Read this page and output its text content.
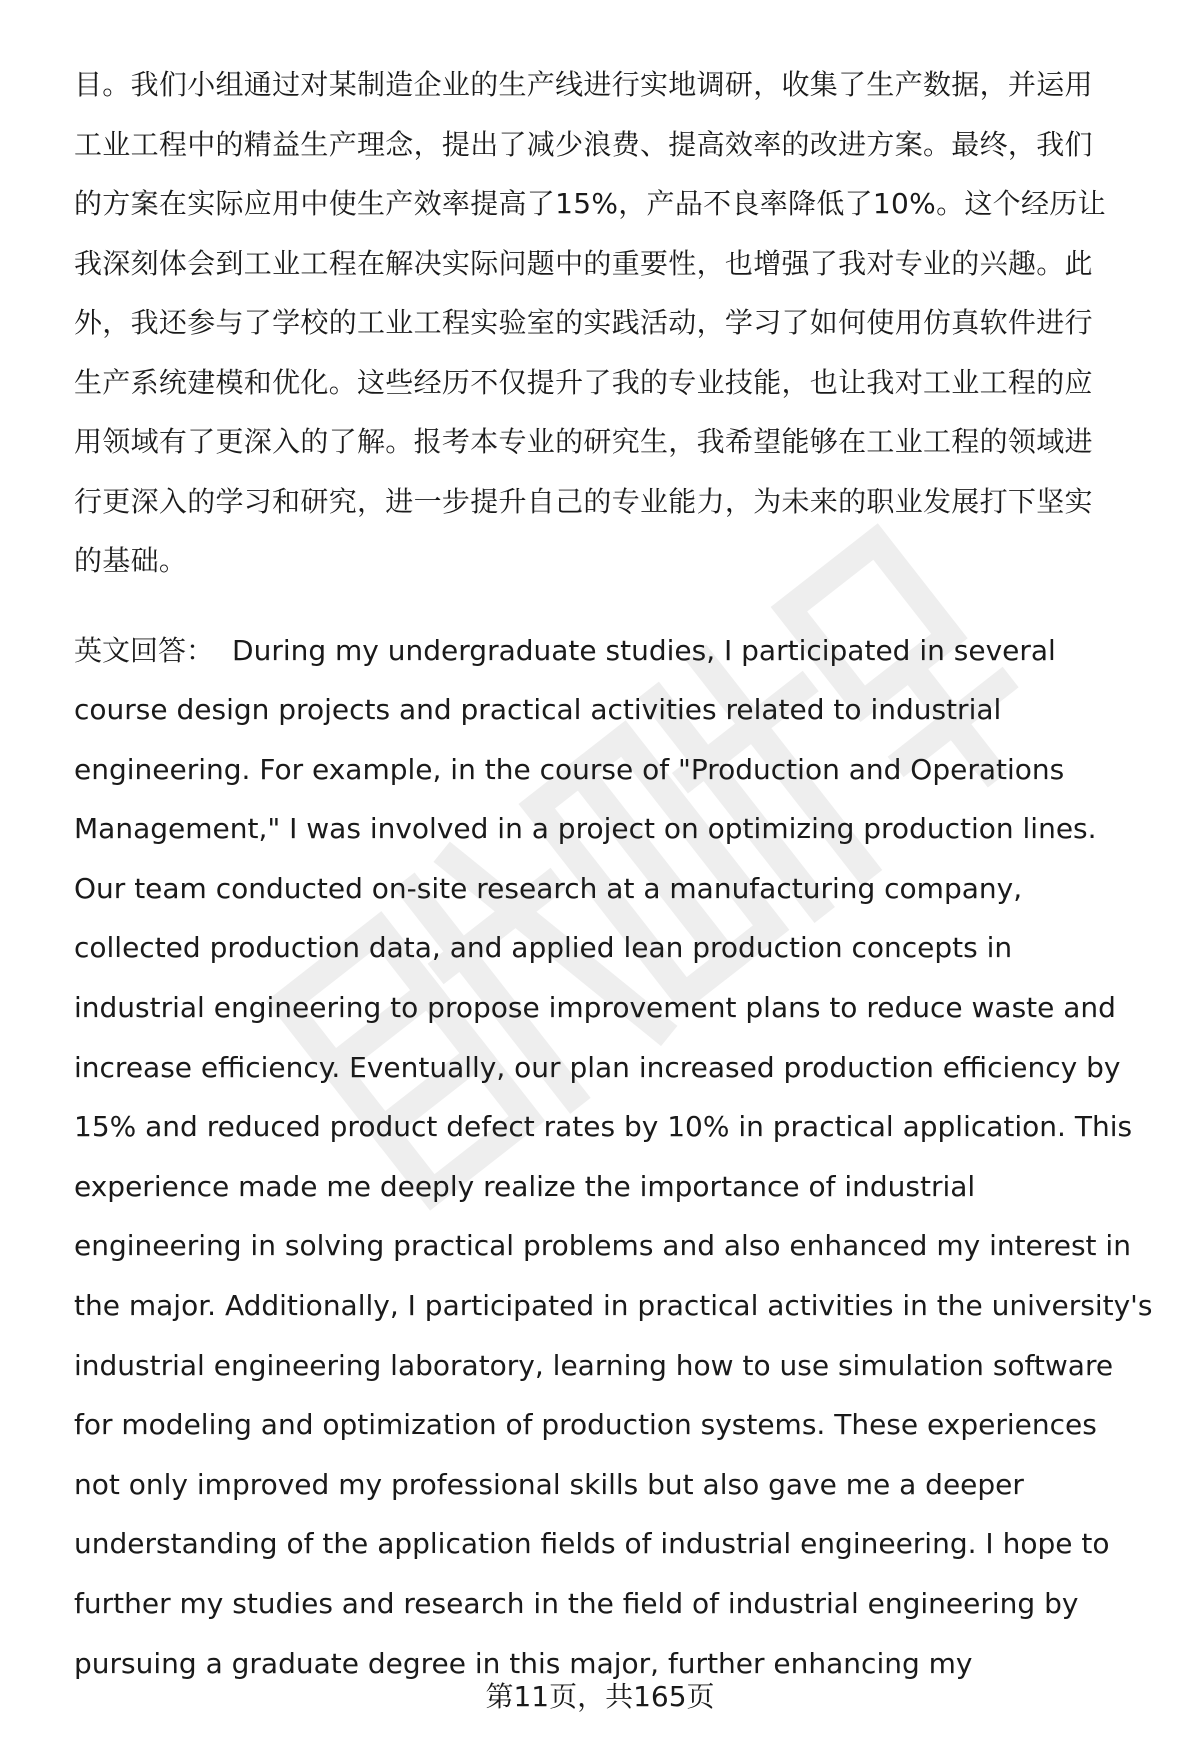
目。我们小组通过对某制造企业的生产线进行实地调研，收集了生产数据，并运用
工业工程中的精益生产理念，提出了减少浪费、提高效率的改进方案。最终，我们
的方案在实际应用中使生产效率提高了15%，产品不良率降低了10%。这个经历让
我深刻体会到工业工程在解决实际问题中的重要性，也增强了我对专业的兴趣。此
外，我还参与了学校的工业工程实验室的实践活动，学习了如何使用仿真软件进行
生产系统建模和优化。这些经历不仅提升了我的专业技能，也让我对工业工程的应
用领域有了更深入的了解。报考本专业的研究生，我希望能够在工业工程的领域进
行更深入的学习和研究，进一步提升自己的专业能力，为未来的职业发展打下坚实
的基础。
英文回答： During my undergraduate studies, I participated in several
course design projects and practical activities related to industrial
engineering. For example, in the course of "Production and Operations
Management," I was involved in a project on optimizing production lines.
Our team conducted on-site research at a manufacturing company,
collected production data, and applied lean production concepts in
industrial engineering to propose improvement plans to reduce waste and
increase efficiency. Eventually, our plan increased production efficiency by
15% and reduced product defect rates by 10% in practical application. This
experience made me deeply realize the importance of industrial
engineering in solving practical problems and also enhanced my interest in
the major. Additionally, I participated in practical activities in the university's
industrial engineering laboratory, learning how to use simulation software
for modeling and optimization of production systems. These experiences
not only improved my professional skills but also gave me a deeper
understanding of the application fields of industrial engineering. I hope to
further my studies and research in the field of industrial engineering by
pursuing a graduate degree in this major, further enhancing my
第11页，共165页
